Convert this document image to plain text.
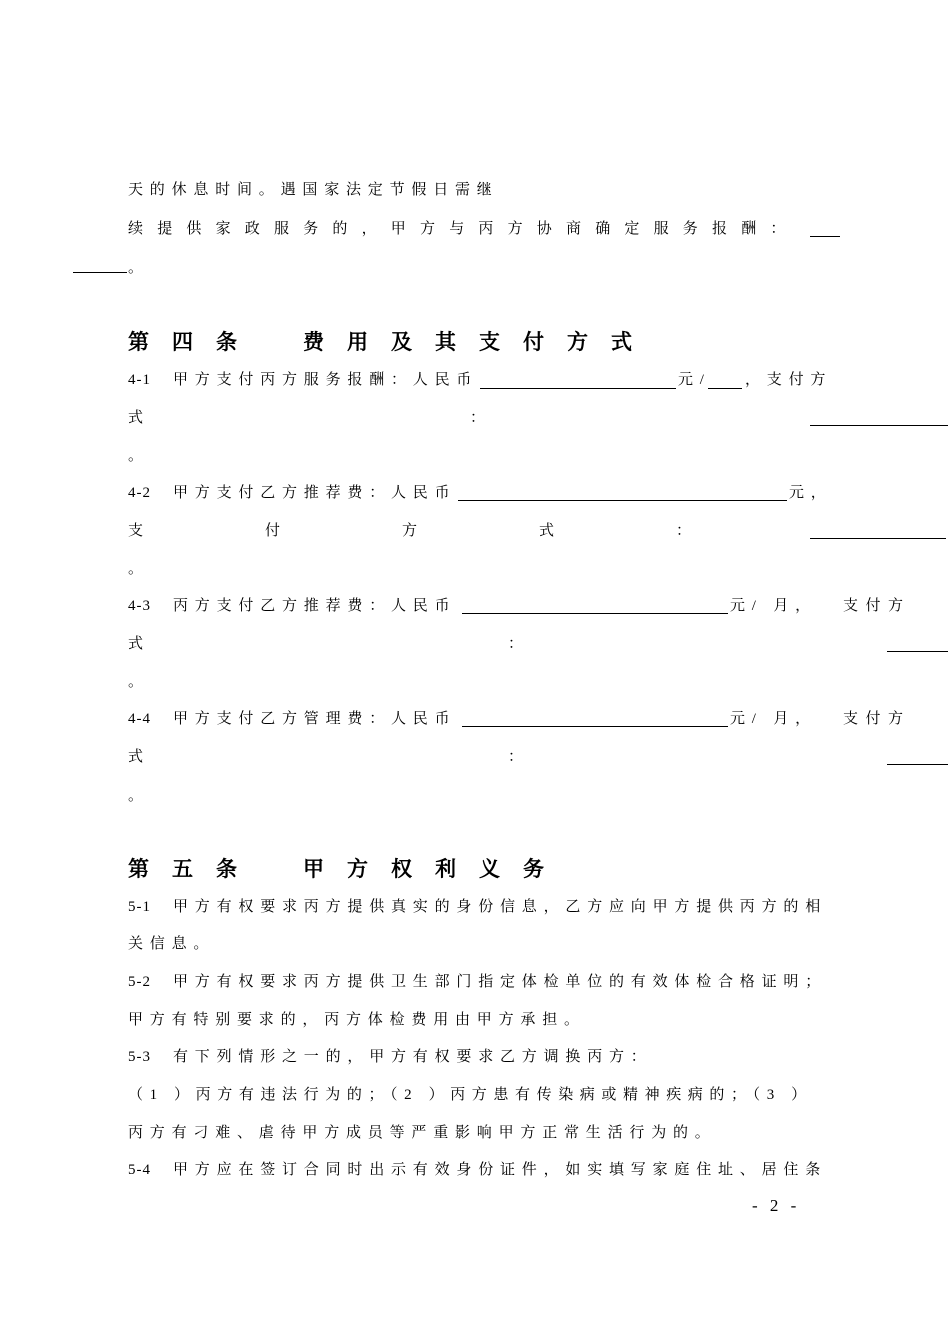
天的休息时间。遇国家法定节假日需继
续提供家政服务的，甲方与丙方协商确定服务报酬：
。
第四条 费用及其支付方式
4-1 甲方支付丙方服务报酬：人民币	元/ ，支付方
式：
。
4-2 甲方支付乙方推荐费：人民币	元，
支付方式：
。
4-3 丙方支付乙方推荐费：人民币	元/ 月， 支付方
式：
。
4-4 甲方支付乙方管理费：人民币	元/ 月， 支付方
式：
。
第五条 甲方权利义务
5-1 甲方有权要求丙方提供真实的身份信息，乙方应向甲方提供丙方的相
关信息。
5-2 甲方有权要求丙方提供卫生部门指定体检单位的有效体检合格证明；
甲方有特别要求的，丙方体检费用由甲方承担。
5-3 有下列情形之一的，甲方有权要求乙方调换丙方：
（1 ）丙方有违法行为的；（2 ）丙方患有传染病或精神疾病的；（3 ）
丙方有刁难、虐待甲方成员等严重影响甲方正常生活行为的。
5-4 甲方应在签订合同时出示有效身份证件，如实填写家庭住址、居住条
- 2 -
